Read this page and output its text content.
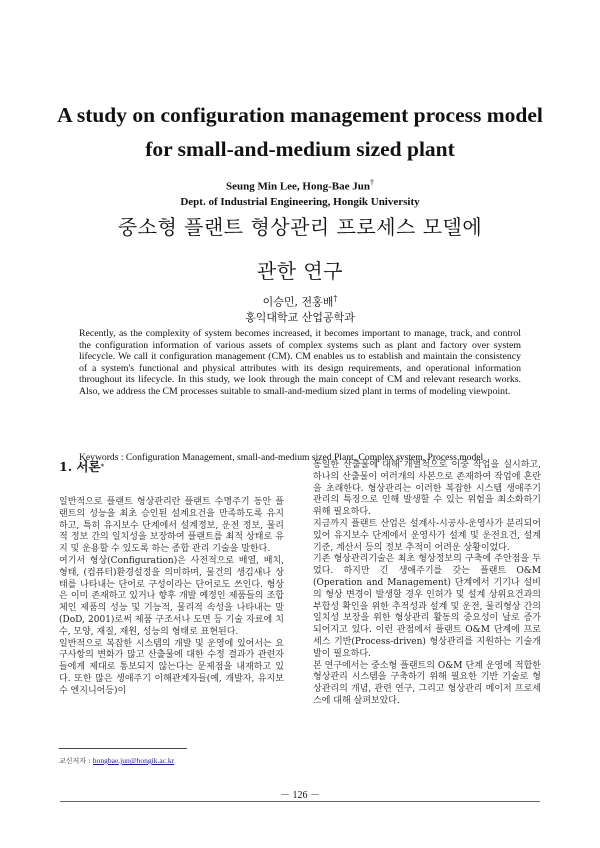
A study on configuration management process model
for small-and-medium sized plant
Seung Min Lee, Hong-Bae Jun†
Dept. of Industrial Engineering, Hongik University
중소형 플랜트 형상관리 프로세스 모델에
관한 연구
이승민, 전홍배†
홍익대학교 산업공학과
Recently, as the complexity of system becomes increased, it becomes important to manage, track, and control the configuration information of various assets of complex systems such as plant and factory over system lifecycle. We call it configuration management (CM). CM enables us to establish and maintain the consistency of a system's functional and physical attributes with its design requirements, and operational information throughout its lifecycle. In this study, we look through the main concept of CM and relevant research works. Also, we address the CM processes suitable to small-and-medium sized plant in terms of modeling viewpoint.
Keywords : Configuration Management, small-and-medium sized Plant, Complex system, Process model
1. 서론*

일반적으로 플랜트 형상관리란 플랜트 수명주기 동안 플랜트의 성능을 최초 승인된 설계요건을 만족하도록 유지하고, 특히 유지보수 단계에서 설계정보, 운전 정보, 물리적 정보 간의 일치성을 보장하여 플랜트를 최적 상태로 유지 및 운용할 수 있도록 하는 종합 관리 기술을 말한다.

여기서 형상(Configuration)은 사전적으로 배열, 배치, 형태, (컴퓨터)환경설정을 의미하며, 물건의 생김새나 상태를 나타내는 단어로 구성이라는 단어로도 쓰인다. 형상은 이미 존재하고 있거나 향후 개발 예정인 제품들의 조합체인 제품의 성능 및 기능적, 물리적 속성을 나타내는 말(DoD, 2001)로써 제품 구조서나 도면 등 기술 자료에 치수, 모양, 재질, 재원, 성능의 형태로 표현된다.

일반적으로 복잡한 시스템의 개발 및 운영에 있어서는 요구사항의 변화가 많고 산출물에 대한 수정 결과가 관련자들에게 제대로 통보되지 않는다는 문제점을 내재하고 있다. 또한 많은 생애주기 이해관계자들(예, 개발자, 유지보수 엔지니어등)이

동일한 산출물에 대해 개별적으로 이중 작업을 실시하고, 하나의 산출물이 여러개의 사본으로 존재하여 작업에 혼란을 초래한다. 형상관리는 이러한 복잡한 시스템 생애주기관리의 특징으로 인해 발생할 수 있는 위험을 최소화하기 위해 필요하다.

지금까지 플랜트 산업은 설계사-시공사-운영사가 분리되어 있어 유지보수 단계에서 운영사가 설계 및 운전요건, 설계기준, 계산서 등의 정보 추적이 어려운 상황이었다.

기존 형상관리기술은 최초 형상정보의 구축에 주안점을 두었다. 하지만 긴 생애주기를 갖는 플랜트 O&M (Operation and Management) 단계에서 기기나 설비의 형상 변경이 발생할 경우 인허가 및 설계 상위요건과의 부합성 확인을 위한 추적성과 설계 및 운전, 물리형상 간의 일치성 보장을 위한 형상관리 활동의 중요성이 날로 증가되어지고 있다. 이런 관점에서 플랜트 O&M 단계에 프로세스 기반(Process-driven) 형상관리를 지원하는 기술개발이 필요하다.

본 연구에서는 중소형 플랜트의 O&M 단계 운영에 적합한 형상관리 시스템을 구축하기 위해 필요한 기반 기술로 형상관리의 개념, 관련 연구, 그리고 형상관리 메이저 프로세스에 대해 살펴보았다.

교신저자 : hongbae.jun@hongik.ac.kr
－ 126 －
